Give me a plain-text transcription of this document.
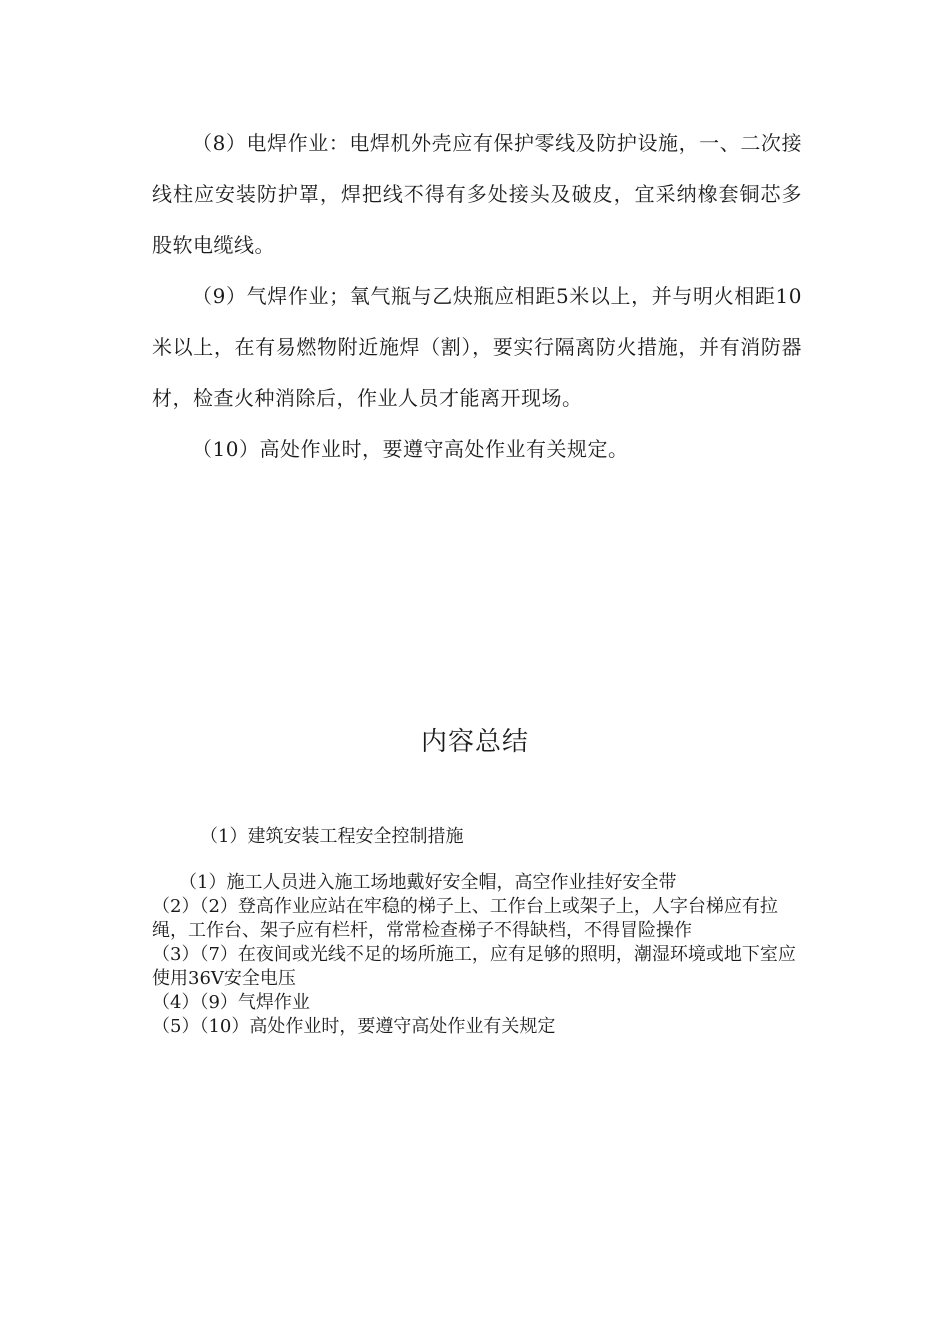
（8）电焊作业：电焊机外壳应有保护零线及防护设施，一、二次接线柱应安装防护罩，焊把线不得有多处接头及破皮，宜采纳橡套铜芯多股软电缆线。

（9）气焊作业；氧气瓶与乙炔瓶应相距5米以上，并与明火相距10米以上，在有易燃物附近施焊（割），要实行隔离防火措施，并有消防器材，检查火种消除后，作业人员才能离开现场。

（10）高处作业时，要遵守高处作业有关规定。

内容总结

（1）建筑安装工程安全控制措施

（1）施工人员进入施工场地戴好安全帽，高空作业挂好安全带
（2）（2）登高作业应站在牢稳的梯子上、工作台上或架子上，人字台梯应有拉绳，工作台、架子应有栏杆，常常检查梯子不得缺档，不得冒险操作
（3）（7）在夜间或光线不足的场所施工，应有足够的照明，潮湿环境或地下室应使用36V安全电压
（4）（9）气焊作业
（5）（10）高处作业时，要遵守高处作业有关规定
